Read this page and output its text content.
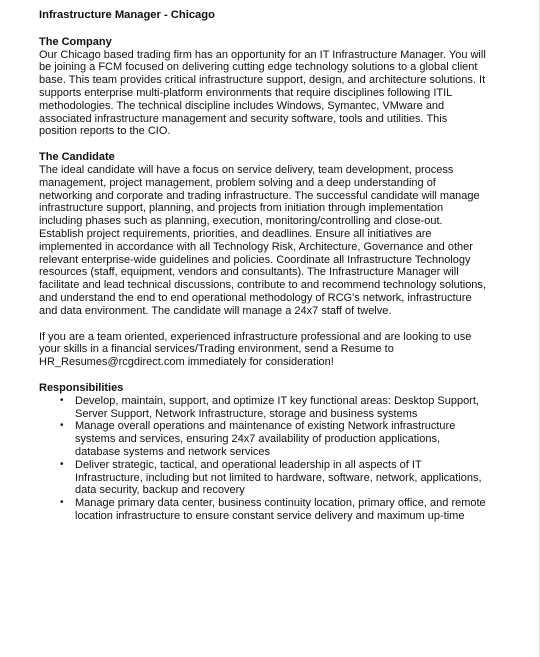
Infrastructure Manager - Chicago

The Company

Our Chicago based trading firm has an opportunity for an IT Infrastructure Manager. You will be joining a FCM focused on delivering cutting edge technology solutions to a global client base. This team provides critical infrastructure support, design, and architecture solutions. It supports enterprise multi-platform environments that require disciplines following ITIL methodologies. The technical discipline includes Windows, Symantec, VMware and associated infrastructure management and security software, tools and utilities. This position reports to the CIO.

The Candidate

The ideal candidate will have a focus on service delivery, team development, process management, project management, problem solving and a deep understanding of networking and corporate and trading infrastructure. The successful candidate will manage infrastructure support, planning, and projects from initiation through implementation including phases such as planning, execution, monitoring/controlling and close-out. Establish project requirements, priorities, and deadlines. Ensure all initiatives are implemented in accordance with all Technology Risk, Architecture, Governance and other relevant enterprise-wide guidelines and policies. Coordinate all Infrastructure Technology resources (staff, equipment, vendors and consultants). The Infrastructure Manager will facilitate and lead technical discussions, contribute to and recommend technology solutions, and understand the end to end operational methodology of RCG's network, infrastructure and data environment. The candidate will manage a 24x7 staff of twelve.

If you are a team oriented, experienced infrastructure professional and are looking to use your skills in a financial services/Trading environment, send a Resume to HR_Resumes@rcgdirect.com immediately for consideration!

Responsibilities

• Develop, maintain, support, and optimize IT key functional areas: Desktop Support, Server Support, Network Infrastructure, storage and business systems
• Manage overall operations and maintenance of existing Network infrastructure systems and services, ensuring 24x7 availability of production applications, database systems and network services
• Deliver strategic, tactical, and operational leadership in all aspects of IT Infrastructure, including but not limited to hardware, software, network, applications, data security, backup and recovery
• Manage primary data center, business continuity location, primary office, and remote location infrastructure to ensure constant service delivery and maximum up-time
